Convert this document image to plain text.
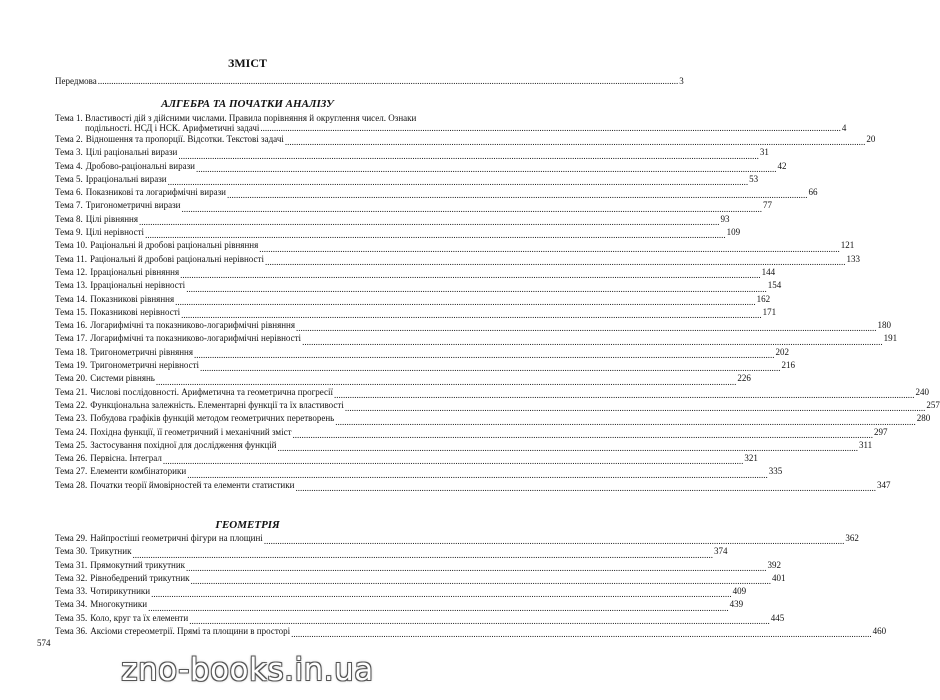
ЗМІСТ
Передмова .....	3
АЛГЕБРА ТА ПОЧАТКИ АНАЛІЗУ
Тема 1.
Властивості дій з дійсними числами. Правила порівняння й округлення чисел. Ознаки
подільності. НСД і НСК. Арифметичні задачі .....	4
Тема 2. Відношення та пропорції. Відсотки. Текстові задачі .....	20
Тема 3. Цілі раціональні вирази .....	31
Тема 4. Дробово-раціональні вирази .....	42
Тема 5. Ірраціональні вирази .....	53
Тема 6. Показникові та логарифмічні вирази .....	66
Тема 7. Тригонометричні вирази .....	77
Тема 8. Цілі рівняння .....	93
Тема 9. Цілі нерівності .....	109
Тема 10. Раціональні й дробові раціональні рівняння .....	121
Тема 11. Раціональні й дробові раціональні нерівності .....	133
Тема 12. Ірраціональні рівняння .....	144
Тема 13. Ірраціональні нерівності .....	154
Тема 14. Показникові рівняння .....	162
Тема 15. Показникові нерівності .....	171
Тема 16. Логарифмічні та показниково-логарифмічні рівняння .....	180
Тема 17. Логарифмічні та показниково-логарифмічні нерівності .....	191
Тема 18. Тригонометричні рівняння .....	202
Тема 19. Тригонометричні нерівності .....	216
Тема 20. Системи рівнянь .....	226
Тема 21. Числові послідовності. Арифметична та геометрична прогресії .....	240
Тема 22. Функціональна залежність. Елементарні функції та їх властивості .....	257
Тема 23. Побудова графіків функцій методом геометричних перетворень .....	280
Тема 24. Похідна функції, її геометричний і механічний зміст .....	297
Тема 25. Застосування похідної для дослідження функцій .....	311
Тема 26. Первісна. Інтеграл .....	321
Тема 27. Елементи комбінаторики .....	335
Тема 28. Початки теорії ймовірностей та елементи статистики .....	347
ГЕОМЕТРІЯ
Тема 29. Найпростіші геометричні фігури на площині .....	362
Тема 30. Трикутник .....	374
Тема 31. Прямокутний трикутник .....	392
Тема 32. Рівнобедрений трикутник .....	401
Тема 33. Чотирикутники .....	409
Тема 34. Многокутники .....	439
Тема 35. Коло, круг та їх елементи .....	445
Тема 36. Аксіоми стереометрії. Прямі та площини в просторі .....	460
574
zno-books.in.ua
